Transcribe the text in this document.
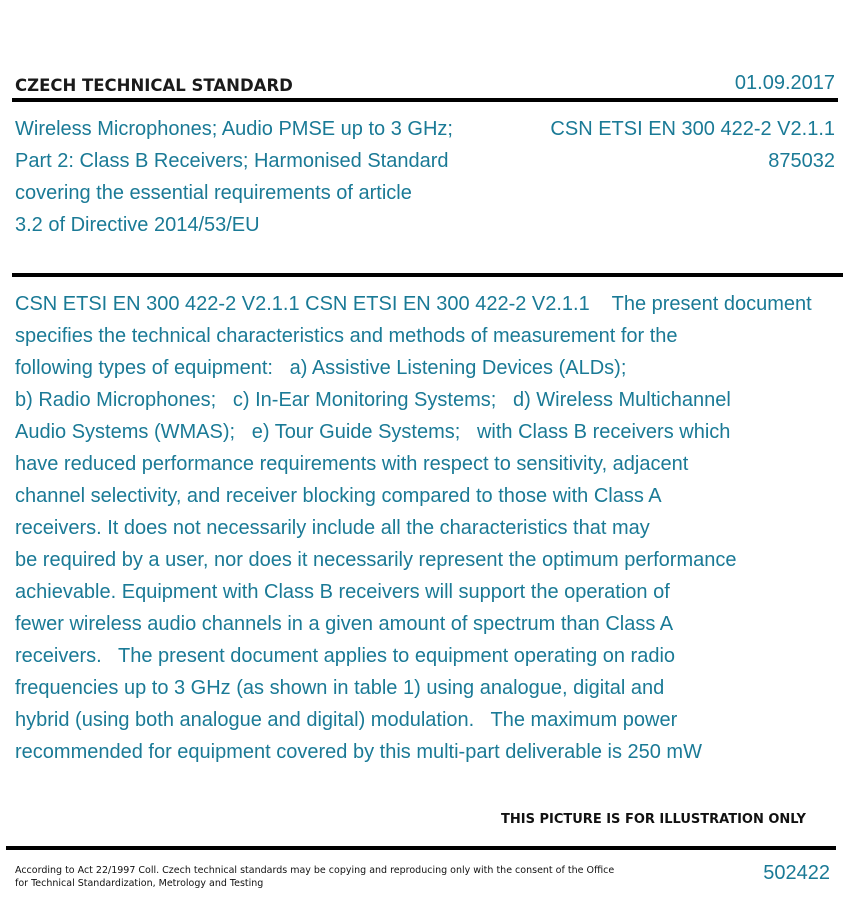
CZECH TECHNICAL STANDARD	01.09.2017
Wireless Microphones; Audio PMSE up to 3 GHz;
Part 2: Class B Receivers; Harmonised Standard
covering the essential requirements of article
3.2 of Directive 2014/53/EU
CSN ETSI EN 300 422-2 V2.1.1
875032
CSN ETSI EN 300 422-2 V2.1.1 CSN ETSI EN 300 422-2 V2.1.1    The present document
specifies the technical characteristics and methods of measurement for the
following types of equipment:   a) Assistive Listening Devices (ALDs);
b) Radio Microphones;   c) In-Ear Monitoring Systems;   d) Wireless Multichannel
Audio Systems (WMAS);   e) Tour Guide Systems;   with Class B receivers which
have reduced performance requirements with respect to sensitivity, adjacent
channel selectivity, and receiver blocking compared to those with Class A
receivers. It does not necessarily include all the characteristics that may
be required by a user, nor does it necessarily represent the optimum performance
achievable. Equipment with Class B receivers will support the operation of
fewer wireless audio channels in a given amount of spectrum than Class A
receivers.   The present document applies to equipment operating on radio
frequencies up to 3 GHz (as shown in table 1) using analogue, digital and
hybrid (using both analogue and digital) modulation.   The maximum power
recommended for equipment covered by this multi-part deliverable is 250 mW
THIS PICTURE IS FOR ILLUSTRATION ONLY
According to Act 22/1997 Coll. Czech technical standards may be copying and reproducing only with the consent of the Office
for Technical Standardization, Metrology and Testing	502422
